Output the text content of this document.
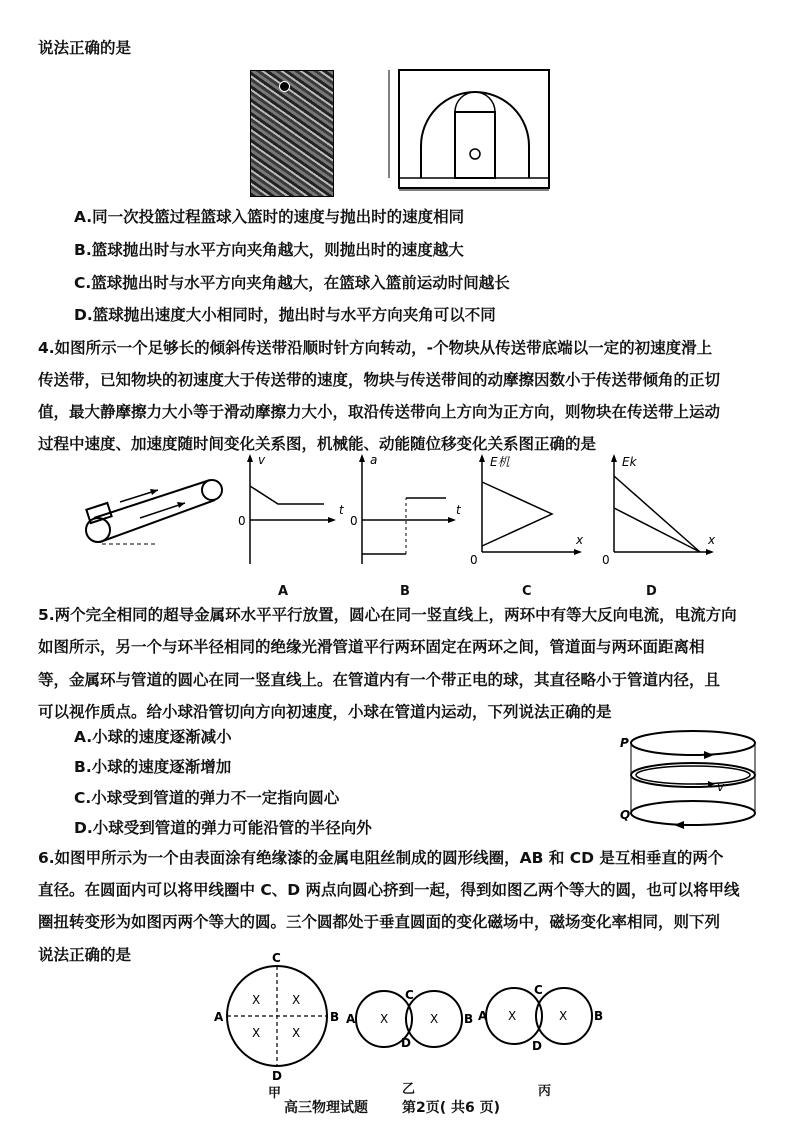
说法正确的是
A.同一次投篮过程篮球入篮时的速度与抛出时的速度相同
B.篮球抛出时与水平方向夹角越大，则抛出时的速度越大
C.篮球抛出时与水平方向夹角越大，在篮球入篮前运动时间越长
D.篮球抛出速度大小相同时，抛出时与水平方向夹角可以不同
4.如图所示一个足够长的倾斜传送带沿顺时针方向转动，-个物块从传送带底端以一定的初速度滑上
传送带，已知物块的初速度大于传送带的速度，物块与传送带间的动摩擦因数小于传送带倾角的正切
值，最大静摩擦力大小等于滑动摩擦力大小，取沿传送带向上方向为正方向，则物块在传送带上运动
过程中速度、加速度随时间变化关系图，机械能、动能随位移变化关系图正确的是
v
t
0
A
a
t
0
B
E机
x
0
C
Ek
x
0
D
5.两个完全相同的超导金属环水平平行放置，圆心在同一竖直线上，两环中有等大反向电流，电流方向
如图所示，另一个与环半径相同的绝缘光滑管道平行两环固定在两环之间，管道面与两环面距离相
等，金属环与管道的圆心在同一竖直线上。在管道内有一个带正电的球，其直径略小于管道内径，且
可以视作质点。给小球沿管切向方向初速度，小球在管道内运动，下列说法正确的是
A.小球的速度逐渐减小
B.小球的速度逐渐增加
C.小球受到管道的弹力不一定指向圆心
D.小球受到管道的弹力可能沿管的半径向外
P
Q
v
6.如图甲所示为一个由表面涂有绝缘漆的金属电阻丝制成的圆形线圈，AB 和 CD 是互相垂直的两个
直径。在圆面内可以将甲线圈中 C、D 两点向圆心挤到一起，得到如图乙两个等大的圆，也可以将甲线
圈扭转变形为如图丙两个等大的圆。三个圆都处于垂直圆面的变化磁场中，磁场变化率相同，则下列
说法正确的是
X	X
X	X
C
D
A	B
甲
X	X
C
D
A	B
乙
X	X
C
D
A	B
丙
高三物理试题 第2页( 共6 页)
